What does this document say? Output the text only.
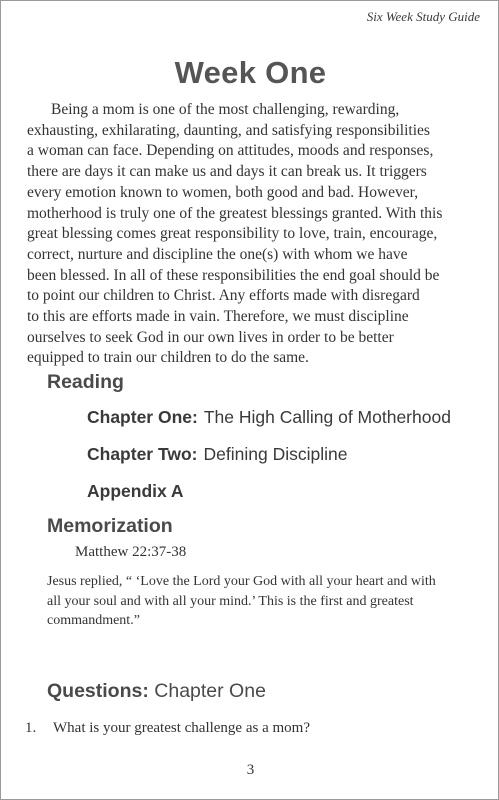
Six Week Study Guide
Week One
Being a mom is one of the most challenging, rewarding,
exhausting, exhilarating, daunting, and satisfying responsibilities
a woman can face. Depending on attitudes, moods and responses,
there are days it can make us and days it can break us. It triggers
every emotion known to women, both good and bad. However,
motherhood is truly one of the greatest blessings granted. With this
great blessing comes great responsibility to love, train, encourage,
correct, nurture and discipline the one(s) with whom we have
been blessed. In all of these responsibilities the end goal should be
to point our children to Christ. Any efforts made with disregard
to this are efforts made in vain. Therefore, we must discipline
ourselves to seek God in our own lives in order to be better
equipped to train our children to do the same.
Reading
Chapter One: The High Calling of Motherhood
Chapter Two: Defining Discipline
Appendix A
Memorization
Matthew 22:37-38
Jesus replied, “ ‘Love the Lord your God with all your heart and with
all your soul and with all your mind.’ This is the first and greatest
commandment.”
Questions: Chapter One
1. What is your greatest challenge as a mom?
3
